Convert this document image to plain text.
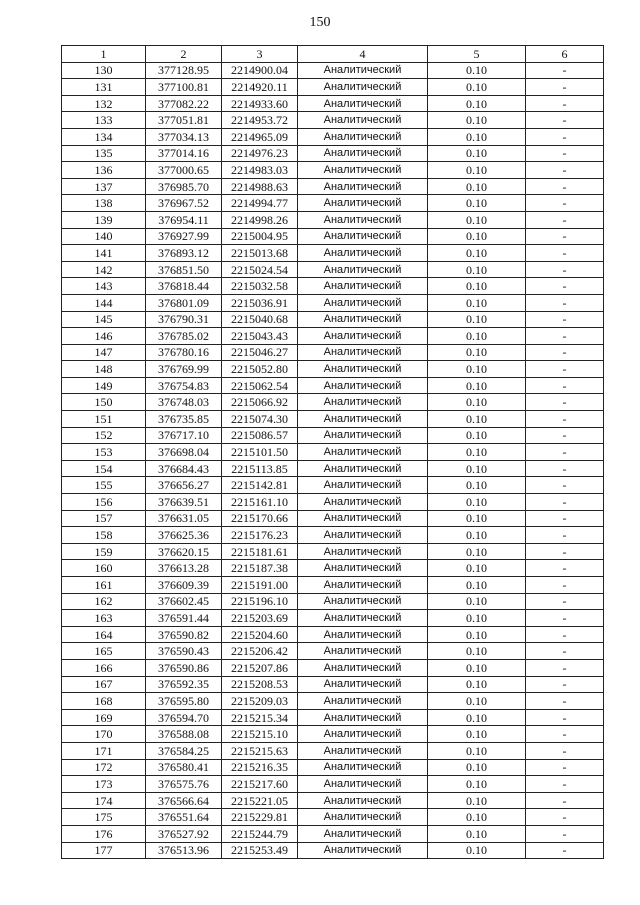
150
1	2	3	4	5	6
130	377128.95	2214900.04	Аналитический	0.10	-
131	377100.81	2214920.11	Аналитический	0.10	-
132	377082.22	2214933.60	Аналитический	0.10	-
133	377051.81	2214953.72	Аналитический	0.10	-
134	377034.13	2214965.09	Аналитический	0.10	-
135	377014.16	2214976.23	Аналитический	0.10	-
136	377000.65	2214983.03	Аналитический	0.10	-
137	376985.70	2214988.63	Аналитический	0.10	-
138	376967.52	2214994.77	Аналитический	0.10	-
139	376954.11	2214998.26	Аналитический	0.10	-
140	376927.99	2215004.95	Аналитический	0.10	-
141	376893.12	2215013.68	Аналитический	0.10	-
142	376851.50	2215024.54	Аналитический	0.10	-
143	376818.44	2215032.58	Аналитический	0.10	-
144	376801.09	2215036.91	Аналитический	0.10	-
145	376790.31	2215040.68	Аналитический	0.10	-
146	376785.02	2215043.43	Аналитический	0.10	-
147	376780.16	2215046.27	Аналитический	0.10	-
148	376769.99	2215052.80	Аналитический	0.10	-
149	376754.83	2215062.54	Аналитический	0.10	-
150	376748.03	2215066.92	Аналитический	0.10	-
151	376735.85	2215074.30	Аналитический	0.10	-
152	376717.10	2215086.57	Аналитический	0.10	-
153	376698.04	2215101.50	Аналитический	0.10	-
154	376684.43	2215113.85	Аналитический	0.10	-
155	376656.27	2215142.81	Аналитический	0.10	-
156	376639.51	2215161.10	Аналитический	0.10	-
157	376631.05	2215170.66	Аналитический	0.10	-
158	376625.36	2215176.23	Аналитический	0.10	-
159	376620.15	2215181.61	Аналитический	0.10	-
160	376613.28	2215187.38	Аналитический	0.10	-
161	376609.39	2215191.00	Аналитический	0.10	-
162	376602.45	2215196.10	Аналитический	0.10	-
163	376591.44	2215203.69	Аналитический	0.10	-
164	376590.82	2215204.60	Аналитический	0.10	-
165	376590.43	2215206.42	Аналитический	0.10	-
166	376590.86	2215207.86	Аналитический	0.10	-
167	376592.35	2215208.53	Аналитический	0.10	-
168	376595.80	2215209.03	Аналитический	0.10	-
169	376594.70	2215215.34	Аналитический	0.10	-
170	376588.08	2215215.10	Аналитический	0.10	-
171	376584.25	2215215.63	Аналитический	0.10	-
172	376580.41	2215216.35	Аналитический	0.10	-
173	376575.76	2215217.60	Аналитический	0.10	-
174	376566.64	2215221.05	Аналитический	0.10	-
175	376551.64	2215229.81	Аналитический	0.10	-
176	376527.92	2215244.79	Аналитический	0.10	-
177	376513.96	2215253.49	Аналитический	0.10	-
